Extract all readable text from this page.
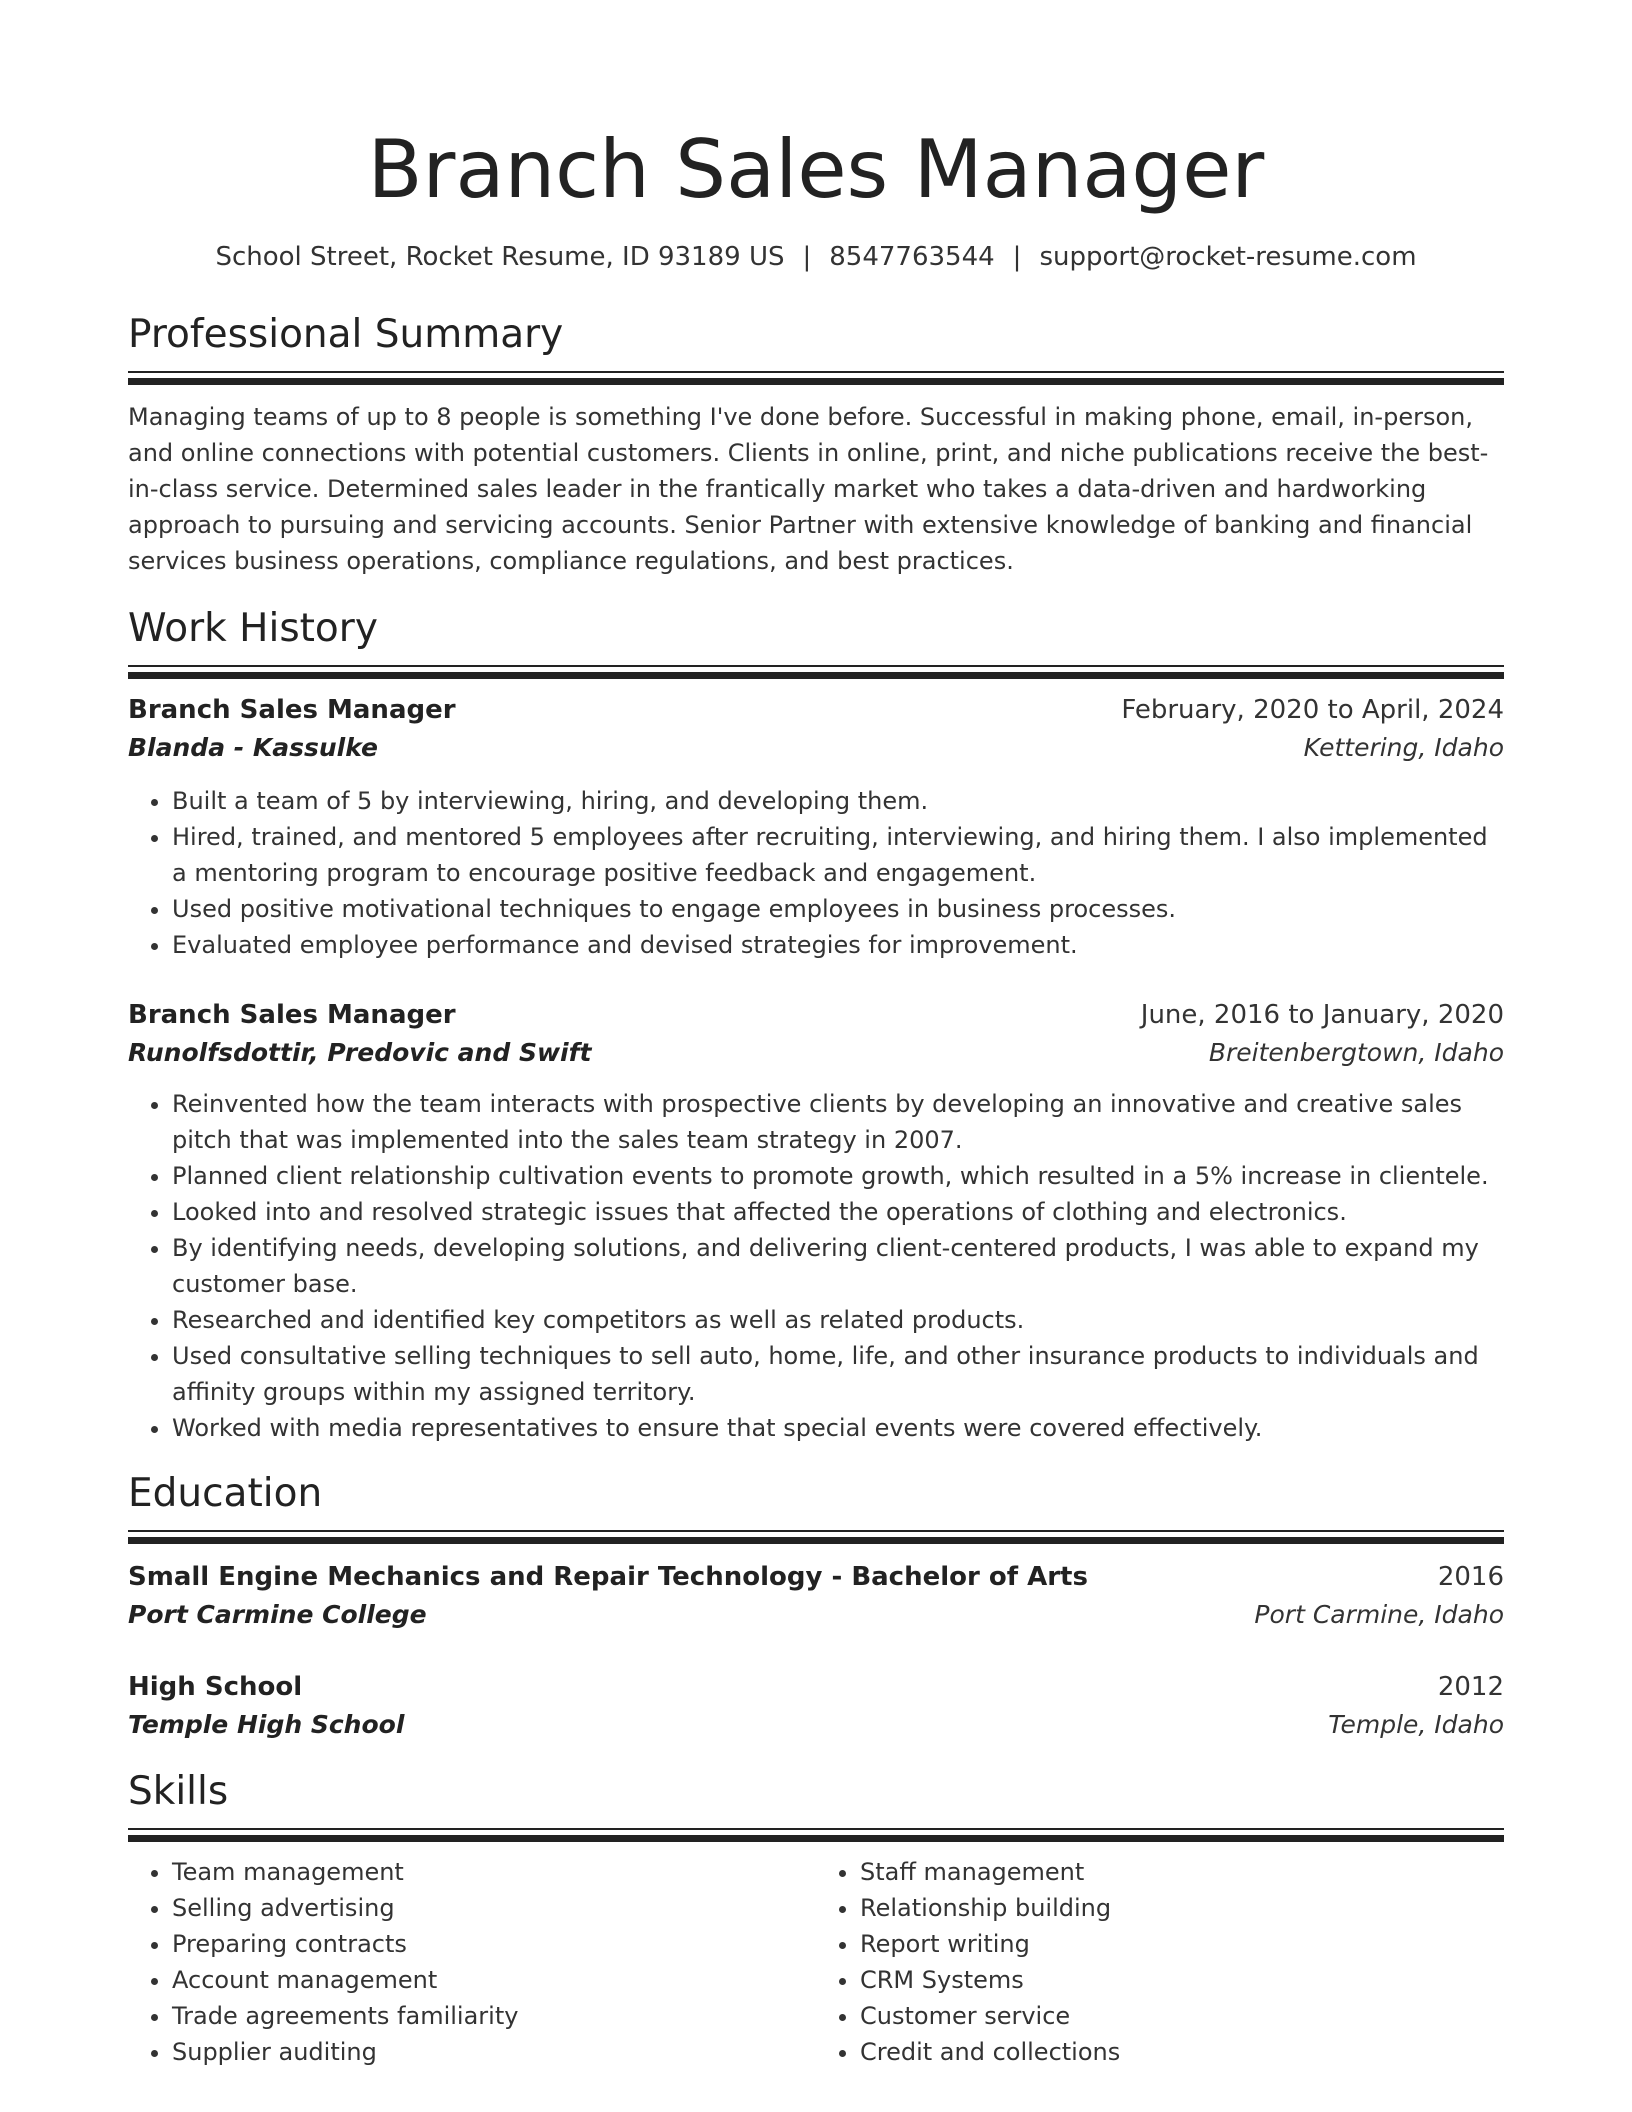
Branch Sales Manager
School Street, Rocket Resume, ID 93189 US | 8547763544 | support@rocket-resume.com
Professional Summary

Managing teams of up to 8 people is something I've done before. Successful in making phone, email, in-person, and online connections with potential customers. Clients in online, print, and niche publications receive the best-in-class service. Determined sales leader in the frantically market who takes a data-driven and hardworking approach to pursuing and servicing accounts. Senior Partner with extensive knowledge of banking and financial services business operations, compliance regulations, and best practices.

Work History
Branch Sales Manager	February, 2020 to April, 2024
Blanda - Kassulke	Kettering, Idaho
• Built a team of 5 by interviewing, hiring, and developing them.
• Hired, trained, and mentored 5 employees after recruiting, interviewing, and hiring them. I also implemented a mentoring program to encourage positive feedback and engagement.
• Used positive motivational techniques to engage employees in business processes.
• Evaluated employee performance and devised strategies for improvement.
Branch Sales Manager	June, 2016 to January, 2020
Runolfsdottir, Predovic and Swift	Breitenbergtown, Idaho
• Reinvented how the team interacts with prospective clients by developing an innovative and creative sales pitch that was implemented into the sales team strategy in 2007.
• Planned client relationship cultivation events to promote growth, which resulted in a 5% increase in clientele.
• Looked into and resolved strategic issues that affected the operations of clothing and electronics.
• By identifying needs, developing solutions, and delivering client-centered products, I was able to expand my customer base.
• Researched and identified key competitors as well as related products.
• Used consultative selling techniques to sell auto, home, life, and other insurance products to individuals and affinity groups within my assigned territory.
• Worked with media representatives to ensure that special events were covered effectively.
Education
Small Engine Mechanics and Repair Technology - Bachelor of Arts	2016
Port Carmine College	Port Carmine, Idaho
High School	2012
Temple High School	Temple, Idaho
Skills
• Team management
• Selling advertising
• Preparing contracts
• Account management
• Trade agreements familiarity
• Supplier auditing
• Staff management
• Relationship building
• Report writing
• CRM Systems
• Customer service
• Credit and collections
